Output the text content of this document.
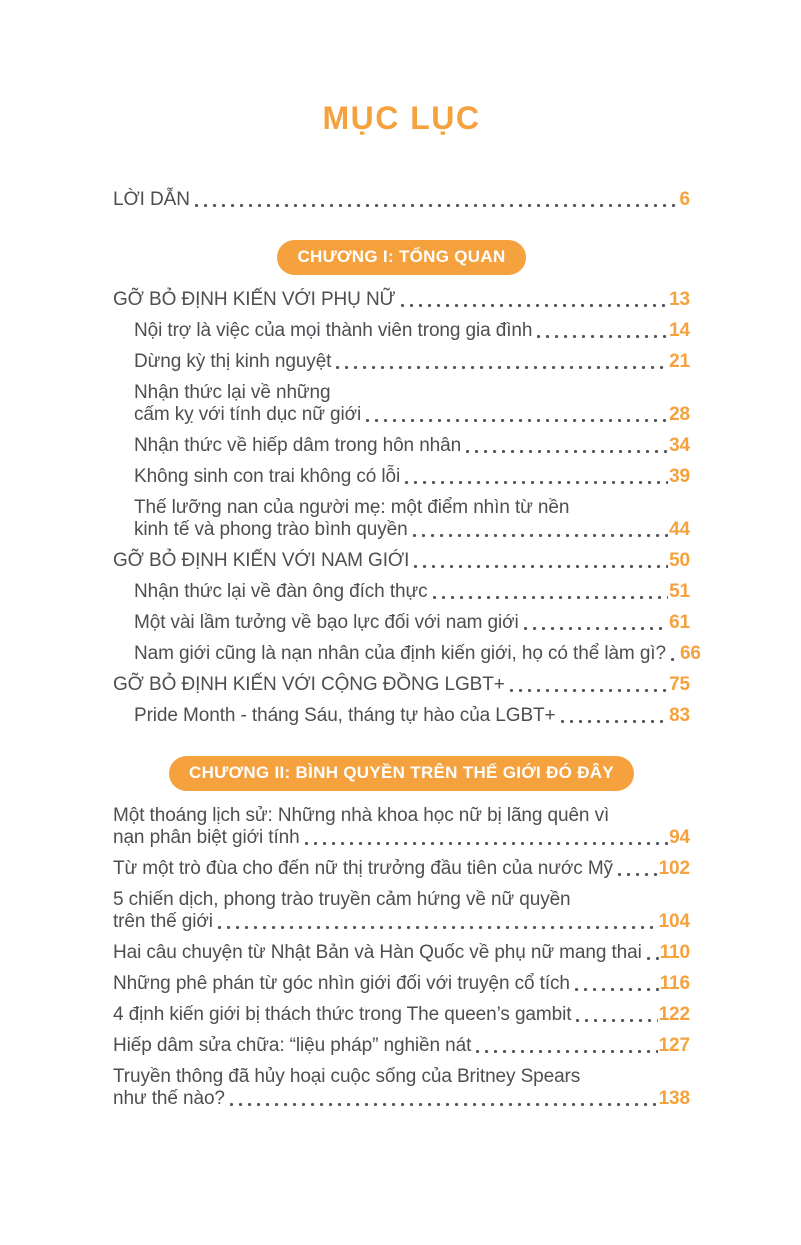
MỤC LỤC
LỜI DẪN	6
CHƯƠNG I: TỔNG QUAN
GỠ BỎ ĐỊNH KIẾN VỚI PHỤ NỮ	13
Nội trợ là việc của mọi thành viên trong gia đình	14
Dừng kỳ thị kinh nguyệt	21
Nhận thức lại về những
cấm kỵ với tính dục nữ giới	28
Nhận thức về hiếp dâm trong hôn nhân	34
Không sinh con trai không có lỗi	39
Thế lưỡng nan của người mẹ: một điểm nhìn từ nền
kinh tế và phong trào bình quyền	44
GỠ BỎ ĐỊNH KIẾN VỚI NAM GIỚI	50
Nhận thức lại về đàn ông đích thực	51
Một vài lầm tưởng về bạo lực đối với nam giới	61
Nam giới cũng là nạn nhân của định kiến giới, họ có thể làm gì? 66
GỠ BỎ ĐỊNH KIẾN VỚI CỘNG ĐỒNG LGBT+	75
Pride Month - tháng Sáu, tháng tự hào của LGBT+	83
CHƯƠNG II: BÌNH QUYỀN TRÊN THẾ GIỚI ĐÓ ĐÂY
Một thoáng lịch sử: Những nhà khoa học nữ bị lãng quên vì
nạn phân biệt giới tính	94
Từ một trò đùa cho đến nữ thị trưởng đầu tiên của nước Mỹ 102
5 chiến dịch, phong trào truyền cảm hứng về nữ quyền
trên thế giới	104
Hai câu chuyện từ Nhật Bản và Hàn Quốc về phụ nữ mang thai 110
Những phê phán từ góc nhìn giới đối với truyện cổ tích	116
4 định kiến giới bị thách thức trong The queen’s gambit	122
Hiếp dâm sửa chữa: “liệu pháp” nghiền nát	127
Truyền thông đã hủy hoại cuộc sống của Britney Spears
như thế nào?	138
